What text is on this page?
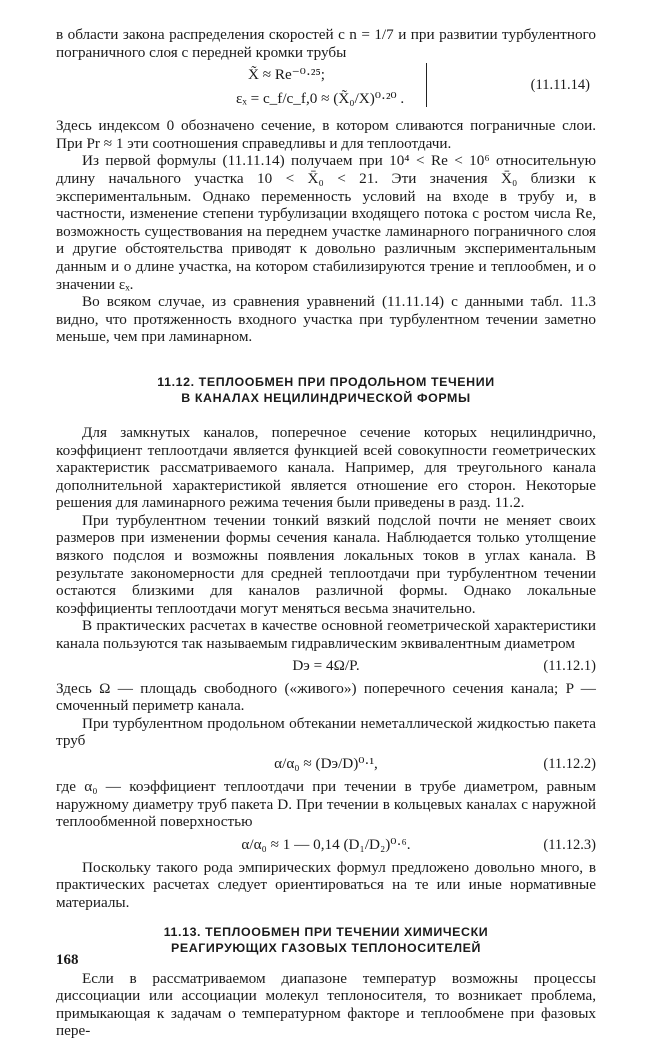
в области закона распределения скоростей с n = 1/7 и при развитии турбулентного пограничного слоя с передней кромки трубы

X̃ ≈ Re⁻⁰·²⁵;
εₓ = c_f/c_f,0 ≈ (X̃₀/X)⁰·²⁰ .
(11.11.14)

Здесь индексом 0 обозначено сечение, в котором сливаются пограничные слои. При Pr ≈ 1 эти соотношения справедливы и для теплоотдачи.

Из первой формулы (11.11.14) получаем при 10⁴ < Re < 10⁶ относительную длину начального участка 10 < X̄₀ < 21. Эти значения X̄₀ близки к экспериментальным. Однако переменность условий на входе в трубу и, в частности, изменение степени турбулизации входящего потока с ростом числа Re, возможность существования на переднем участке ламинарного пограничного слоя и другие обстоятельства приводят к довольно различным экспериментальным данным и о длине участка, на котором стабилизируются трение и теплообмен, и о значении εₓ.

Во всяком случае, из сравнения уравнений (11.11.14) с данными табл. 11.3 видно, что протяженность входного участка при турбулентном течении заметно меньше, чем при ламинарном.

11.12. ТЕПЛООБМЕН ПРИ ПРОДОЛЬНОМ ТЕЧЕНИИ
В КАНАЛАХ НЕЦИЛИНДРИЧЕСКОЙ ФОРМЫ

Для замкнутых каналов, поперечное сечение которых нецилиндрично, коэффициент теплоотдачи является функцией всей совокупности геометрических характеристик рассматриваемого канала. Например, для треугольного канала дополнительной характеристикой является отношение его сторон. Некоторые решения для ламинарного режима течения были приведены в разд. 11.2.

При турбулентном течении тонкий вязкий подслой почти не меняет своих размеров при изменении формы сечения канала. Наблюдается только утолщение вязкого подслоя и возможны появления локальных токов в углах канала. В результате закономерности для средней теплоотдачи при турбулентном течении остаются близкими для каналов различной формы. Однако локальные коэффициенты теплоотдачи могут меняться весьма значительно.

В практических расчетах в качестве основной геометрической характеристики канала пользуются так называемым гидравлическим эквивалентным диаметром

Dэ = 4Ω/P.	(11.12.1)

Здесь Ω — площадь свободного («живого») поперечного сечения канала; P — смоченный периметр канала.

При турбулентном продольном обтекании неметаллической жидкостью пакета труб

α/α₀ ≈ (Dэ/D)⁰·¹,	(11.12.2)

где α₀ — коэффициент теплоотдачи при течении в трубе диаметром, равным наружному диаметру труб пакета D. При течении в кольцевых каналах с наружной теплообменной поверхностью

α/α₀ ≈ 1 — 0,14 (D₁/D₂)⁰·⁶.	(11.12.3)

Поскольку такого рода эмпирических формул предложено довольно много, в практических расчетах следует ориентироваться на те или иные нормативные материалы.

11.13. ТЕПЛООБМЕН ПРИ ТЕЧЕНИИ ХИМИЧЕСКИ
РЕАГИРУЮЩИХ ГАЗОВЫХ ТЕПЛОНОСИТЕЛЕЙ

Если в рассматриваемом диапазоне температур возможны процессы диссоциации или ассоциации молекул теплоносителя, то возникает проблема, примыкающая к задачам о температурном факторе и теплообмене при фазовых пере-

168
